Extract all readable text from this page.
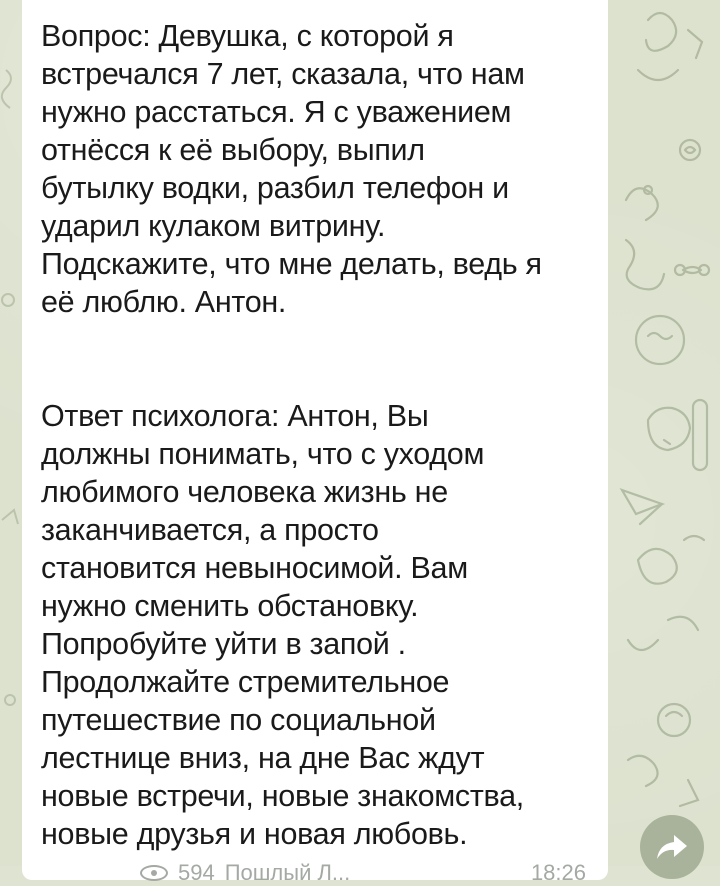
Вопрос: Девушка, с которой я
встречался 7 лет, сказала, что нам
нужно расстаться. Я с уважением
отнёсся к её выбору, выпил
бутылку водки, разбил телефон и
ударил кулаком витрину.
Подскажите, что мне делать, ведь я
её люблю. Антон.

Ответ психолога: Антон, Вы
должны понимать, что с уходом
любимого человека жизнь не
заканчивается, а просто
становится невыносимой. Вам
нужно сменить обстановку.
Попробуйте уйти в запой .
Продолжайте стремительное
путешествие по социальной
лестнице вниз, на дне Вас ждут
новые встречи, новые знакомства,
новые друзья и новая любовь.

594 Пошлый Л...	18:26
